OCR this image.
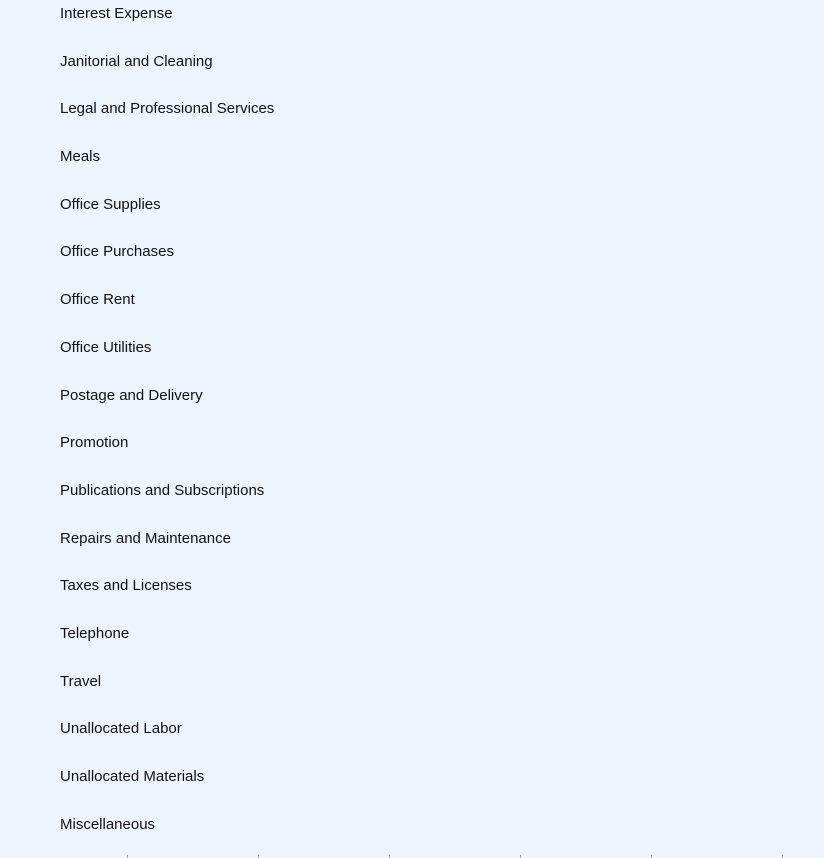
Interest Expense
Janitorial and Cleaning
Legal and Professional Services
Meals
Office Supplies
Office Purchases
Office Rent
Office Utilities
Postage and Delivery
Promotion
Publications and Subscriptions
Repairs and Maintenance
Taxes and Licenses
Telephone
Travel
Unallocated Labor
Unallocated Materials
Miscellaneous
